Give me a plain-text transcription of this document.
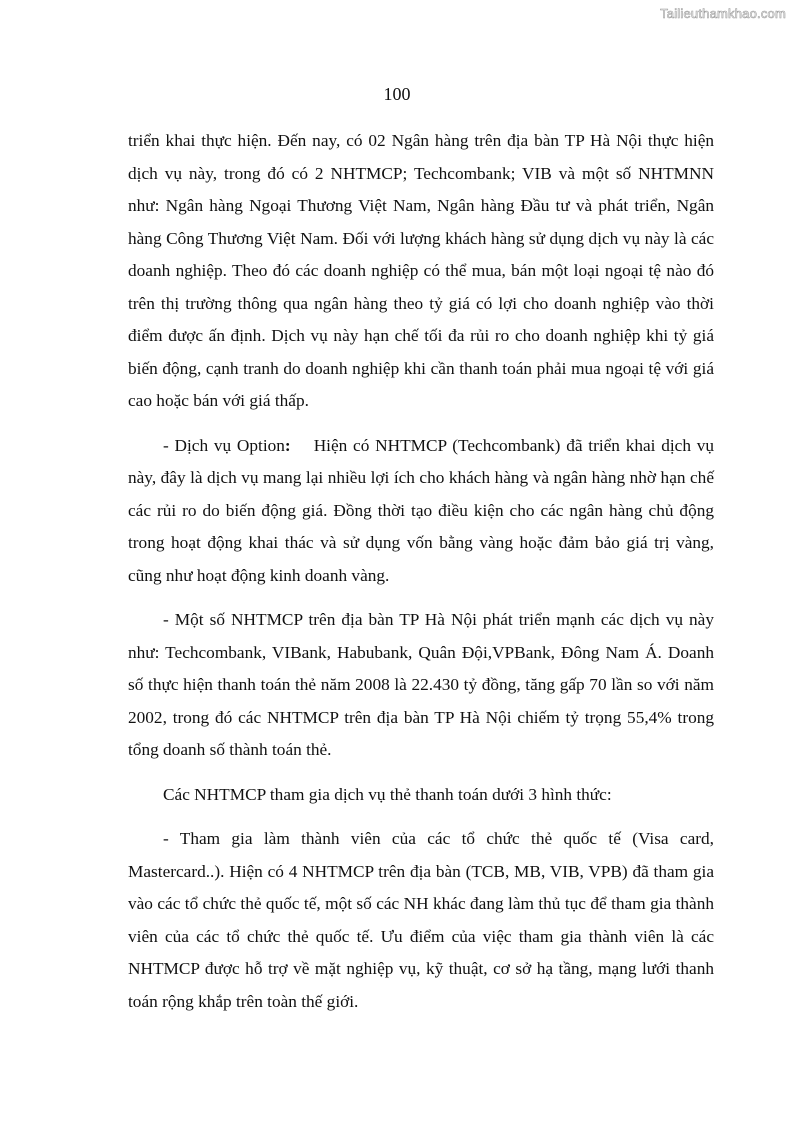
Tailieuthamkhao.com
100

triển khai thực hiện. Đến nay, có 02 Ngân hàng trên địa bàn TP Hà Nội thực hiện dịch vụ này, trong đó có 2 NHTMCP; Techcombank; VIB và một số NHTMNN như: Ngân hàng Ngoại Thương Việt Nam, Ngân hàng Đầu tư và phát triển, Ngân hàng Công Thương Việt Nam. Đối với lượng khách hàng sử dụng dịch vụ này là các doanh nghiệp. Theo đó các doanh nghiệp có thể mua, bán một loại ngoại tệ nào đó trên thị trường thông qua ngân hàng theo tỷ giá có lợi cho doanh nghiệp vào thời điểm được ấn định. Dịch vụ này hạn chế tối đa rủi ro cho doanh nghiệp khi tỷ giá biến động, cạnh tranh do doanh nghiệp khi cần thanh toán phải mua ngoại tệ với giá cao hoặc bán với giá thấp.

- Dịch vụ Option: Hiện có NHTMCP (Techcombank) đã triển khai dịch vụ này, đây là dịch vụ mang lại nhiều lợi ích cho khách hàng và ngân hàng nhờ hạn chế các rủi ro do biến động giá. Đồng thời tạo điều kiện cho các ngân hàng chủ động trong hoạt động khai thác và sử dụng vốn bằng vàng hoặc đảm bảo giá trị vàng, cũng như hoạt động kinh doanh vàng.

- Một số NHTMCP trên địa bàn TP Hà Nội phát triển mạnh các dịch vụ này như: Techcombank, VIBank, Habubank, Quân Đội,VPBank, Đông Nam Á. Doanh số thực hiện thanh toán thẻ năm 2008 là 22.430 tỷ đồng, tăng gấp 70 lần so với năm 2002, trong đó các NHTMCP trên địa bàn TP Hà Nội chiếm tỷ trọng 55,4% trong tổng doanh số thành toán thẻ.

Các NHTMCP tham gia dịch vụ thẻ thanh toán dưới 3 hình thức:

- Tham gia làm thành viên của các tổ chức thẻ quốc tế (Visa card, Mastercard..). Hiện có 4 NHTMCP trên địa bàn (TCB, MB, VIB, VPB) đã tham gia vào các tổ chức thẻ quốc tế, một số các NH khác đang làm thủ tục để tham gia thành viên của các tổ chức thẻ quốc tế. Ưu điểm của việc tham gia thành viên là các NHTMCP được hỗ trợ về mặt nghiệp vụ, kỹ thuật, cơ sở hạ tầng, mạng lưới thanh toán rộng khắp trên toàn thế giới.
